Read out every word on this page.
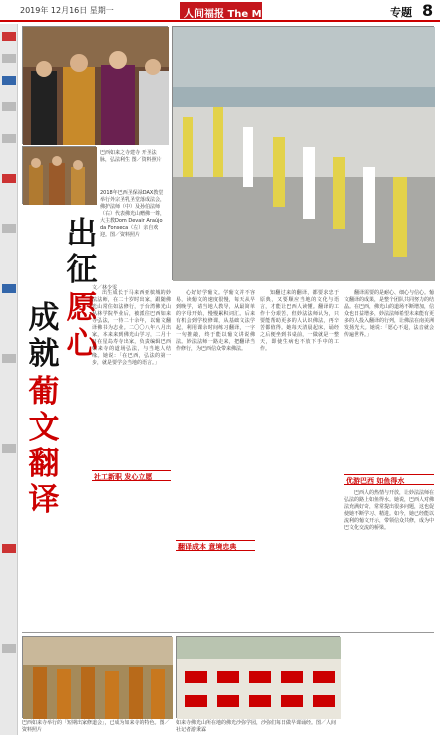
2019年 12月16日 星期一	人间福报 The Merit Times	专题 8
巴西如来之寺建寺 开圣法脉，弘法利生 图／资料照片
出征
愿心
成就
葡文翻译
文／林少雯

出生成长于马来西亚槟城的妙法法师，在二十岁时出家，跟随佛光山常住如法修行，于台湾佛光山丛林学院毕业后，被派往巴西如来寺弘法，一待二十余年，以葡文翻译佛书为志业。二〇〇八年八月出家，本来来到佛光山学习，二月十日在星岛寿寺出家，负责编辑巴西如来寺的道场弘法，与当地人结缘。她说：「在巴西，弘法的第一步，就是要学会当地的语言。」

社工新职 发心立愿

心好好学葡文。学葡文并不容易，读葡文的速度很慢，每天从早到晚学，请当地人教导，从最简单的字母开始，慢慢累积词汇。后来有机会到学校修课，从基础文法学起，利用课余时间练习翻译，一字一句推敲，终于能以葡文讲说佛法。妙法法师一路走来，把翻译当作修行，为巴西信众带来佛法。

翻译成本 意境忠典

知翻过来的翻译，都要求忠于原典，又要顺应当地的文化与语言，才能让巴西人读懂。翻译的工作十分艰苦，但妙法法师认为，只要能帮助更多的人认识佛法，再辛苦都值得。她每天清晨起床，诵经之后便坐到书桌前，一做就是一整天，即使生病也不放下手中的工作。

翻译需要的是耐心、细心与信心。葡文翻译的成果，是整个团队共同努力的结晶。在巴西，佛光山的道场不断增加，信众也日益增多，妙法法师希望未来能有更多的人投入翻译的行列，让佛法在南美洲发扬光大。她说：「愿心不退，法音就会传遍世界。」

优游巴西 如鱼得水

巴西人的热情与开放，让妙法法师在弘法的路上如鱼得水。她说，巴西人对佛法充满好奇，常常提出很多问题，这也促使她不断学习、精进。如今，她已经能以流利的葡文开示，带领信众共修，成为中巴文化交流的桥梁。

巴西如来寺举行的「短期出家修道会」，已成为如来寺的特色。图／资料照片
如来寺佛光山所在地的佛光沙弥学园，沙弥们每日做早课诵经。图／人间社记者游秉霖
2018年巴西圣保禄DAX教堂举行外宗圣乳圣堂落成法会，佛护法师（中）及孙伯法师（右）代表佛光山赠佛一尊，大主教Dom Devair Araújo da Fonseca（左）亲自欢迎。图／资料照片
